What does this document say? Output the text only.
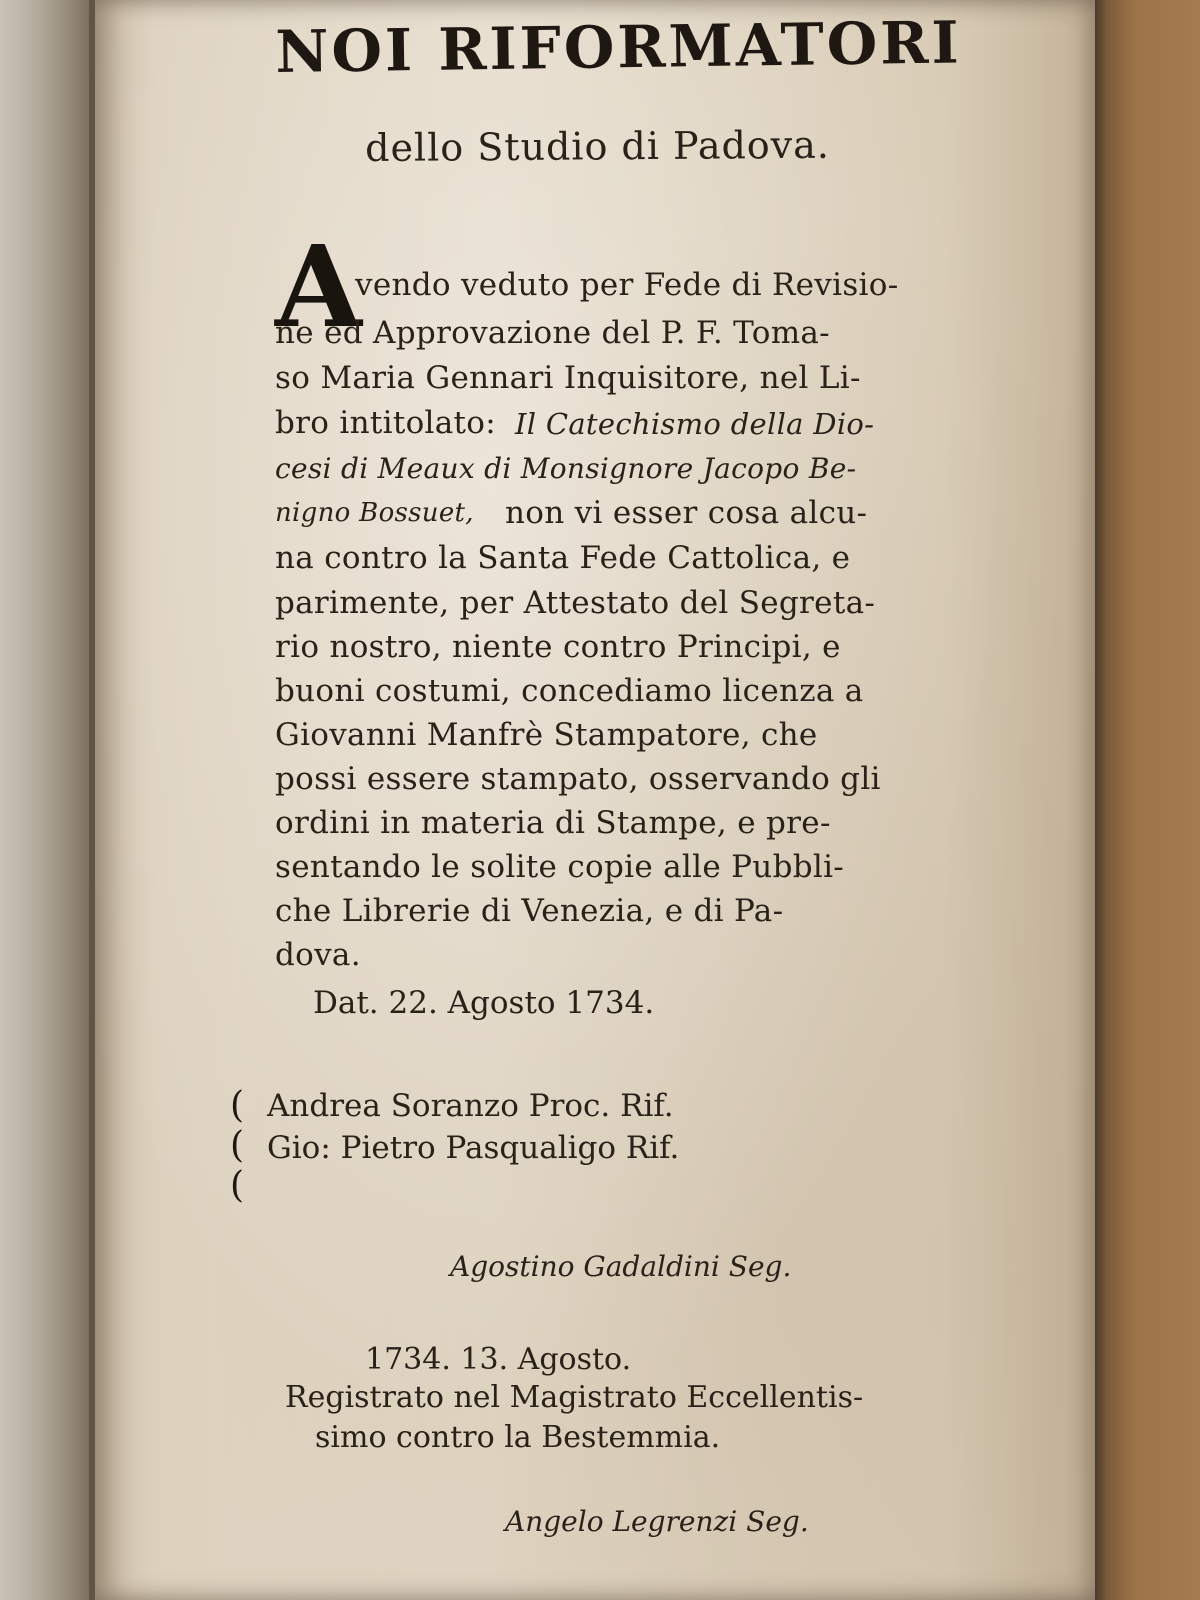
NOI RIFORMATORI
dello Studio di Padova.
A
vendo veduto per Fede di Revisio-
ne ed Approvazione del P. F. Toma-
so Maria Gennari Inquisitore, nel Li-
bro intitolato: Il Catechismo della Dio-
cesi di Meaux di Monsignore Jacopo Be-
nigno Bossuet, non vi esser cosa alcu-
na contro la Santa Fede Cattolica, e
parimente, per Attestato del Segreta-
rio nostro, niente contro Principi, e
buoni costumi, concediamo licenza a
Giovanni Manfrè Stampatore, che
possi essere stampato, osservando gli
ordini in materia di Stampe, e pre-
sentando le solite copie alle Pubbli-
che Librerie di Venezia, e di Pa-
dova.
Dat. 22. Agosto 1734.
(
(
(
Andrea Soranzo Proc. Rif.
Gio: Pietro Pasqualigo Rif.
Agostino Gadaldini Seg.
1734. 13. Agosto.
Registrato nel Magistrato Eccellentis-
simo contro la Bestemmia.
Angelo Legrenzi Seg.
